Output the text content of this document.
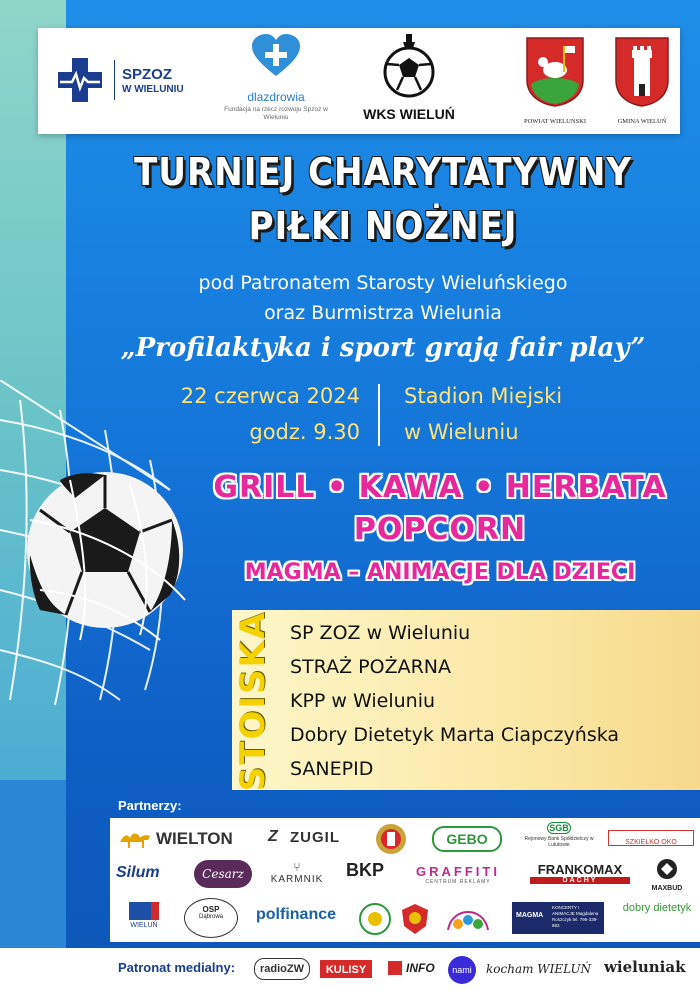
SPZOZ
W WIELUNIU
dlazdrowia
Fundacja na rzecz rozwoju Spzoz w Wieluniu	WKS WIELUŃ	POWIAT WIELUŃSKI	GMINA WIELUŃ
TURNIEJ CHARYTATYWNY
PIŁKI NOŻNEJ
pod Patronatem Starosty Wieluńskiego
oraz Burmistrza Wielunia
„Profilaktyka i sport grają fair play”
22 czerwca 2024
godz. 9.30
Stadion Miejski
w Wieluniu
GRILL • KAWA • HERBATA
POPCORN
MAGMA – ANIMACJE DLA DZIECI
STOISKA SP ZOZ w Wieluniu
STRAŻ POŻARNA
KPP w Wieluniu
Dobry Dietetyk Marta Ciapczyńska
SANEPID
Partnerzy:
WIELTON Z ZUGIL	GEBO
SGB
Rejonowy Bank Spółdzielczy w Lututowie	SZKIEŁKO OKO
Silum	Cesarz	⑂
KARMNIK BKP	GRAFFITI
CENTRUM REKLAMY
FRANKOMAX
DACHY
MAXBUD
WIELUŃ
OSP
Dąbrowa	polfinance	MAGMA
KONCERTY I ANIMACJE Magdalena Roszczyk tel. 796-339-883
dobry dietetyk
Patronat medialny:	radioZW	KULISY	INFO	nami	kocham WIELUŃ wieluniak
